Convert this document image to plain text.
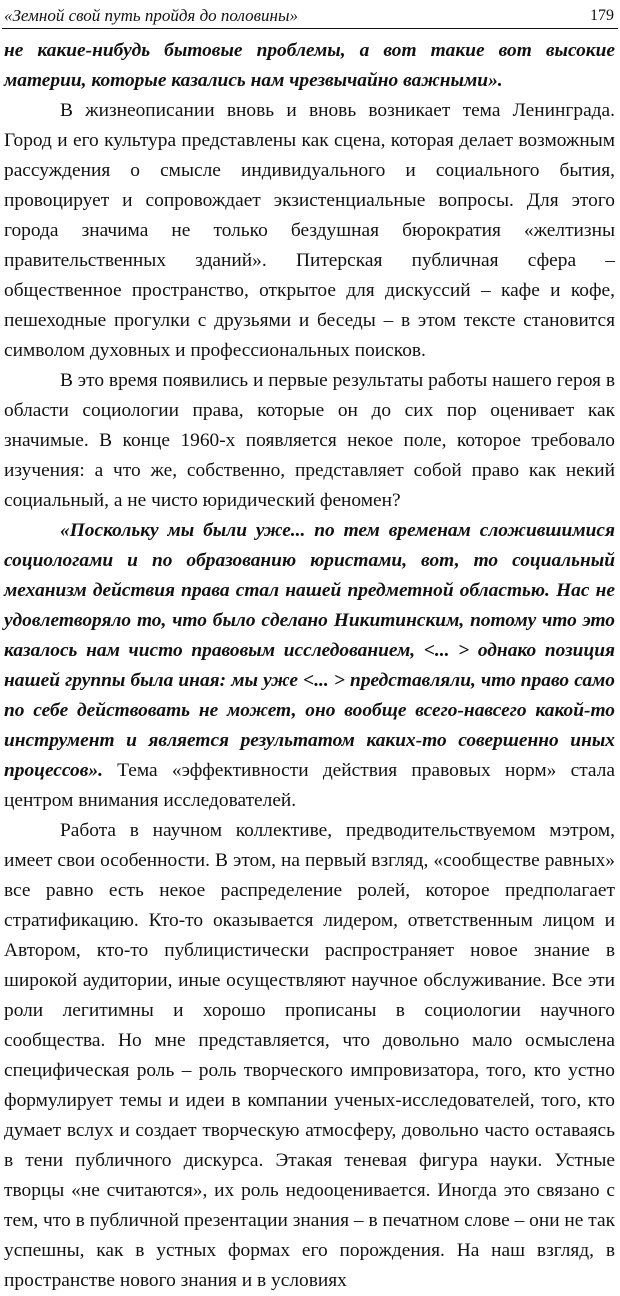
«Земной свой путь пройдя до половины»	179

не какие-нибудь бытовые проблемы, а вот такие вот высокие материи, которые казались нам чрезвычайно важными».

В жизнеописании вновь и вновь возникает тема Ленинграда. Город и его культура представлены как сцена, которая делает возможным рассуждения о смысле индивидуального и социального бытия, провоцирует и сопровождает экзистенциальные вопросы. Для этого города значима не только бездушная бюрократия «желтизны правительственных зданий». Питерская публичная сфера – общественное пространство, открытое для дискуссий – кафе и кофе, пешеходные прогулки с друзьями и беседы – в этом тексте становится символом духовных и профессиональных поисков.

В это время появились и первые результаты работы нашего героя в области социологии права, которые он до сих пор оценивает как значимые. В конце 1960-х появляется некое поле, которое требовало изучения: а что же, собственно, представляет собой право как некий социальный, а не чисто юридический феномен?

«Поскольку мы были уже... по тем временам сложившимися социологами и по образованию юристами, вот, то социальный механизм действия права стал нашей предметной областью. Нас не удовлетворяло то, что было сделано Никитинским, потому что это казалось нам чисто правовым исследованием, <... > однако позиция нашей группы была иная: мы уже <... > представляли, что право само по себе действовать не может, оно вообще всего-навсего какой-то инструмент и является результатом каких-то совершенно иных процессов». Тема «эффективности действия правовых норм» стала центром внимания исследователей.

Работа в научном коллективе, предводительствуемом мэтром, имеет свои особенности. В этом, на первый взгляд, «сообществе равных» все равно есть некое распределение ролей, которое предполагает стратификацию. Кто-то оказывается лидером, ответственным лицом и Автором, кто-то публицистически распространяет новое знание в широкой аудитории, иные осуществляют научное обслуживание. Все эти роли легитимны и хорошо прописаны в социологии научного сообщества. Но мне представляется, что довольно мало осмыслена специфическая роль – роль творческого импровизатора, того, кто устно формулирует темы и идеи в компании ученых-исследователей, того, кто думает вслух и создает творческую атмосферу, довольно часто оставаясь в тени публичного дискурса. Этакая теневая фигура науки. Устные творцы «не считаются», их роль недооценивается. Иногда это связано с тем, что в публичной презентации знания – в печатном слове – они не так успешны, как в устных формах его порождения. На наш взгляд, в пространстве нового знания и в условиях
